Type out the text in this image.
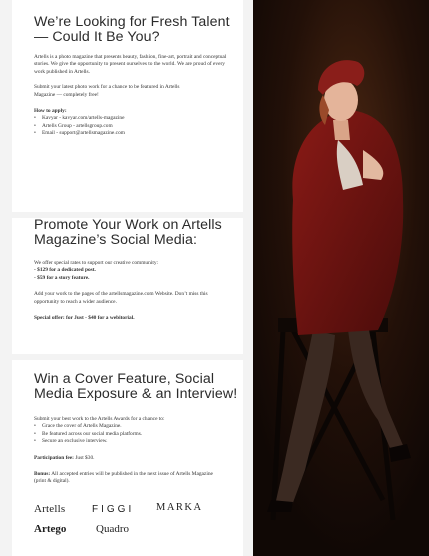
We’re Looking for Fresh Talent — Could It Be You?

Artells is a photo magazine that presents beauty, fashion, fine-art, portrait and conceptual stories. We give the opportunity to present ourselves to the world. We are proud of every work published in Artells.

Submit your latest photo work for a chance to be featured in Artells Magazine — completely free!

How to apply:

• Kavyar - kavyar.com/artells-magazine
• Artells Group - artellsgroup.com
• Email - support@artellsmagazine.com
Promote Your Work on Artells Magazine’s Social Media:

We offer special rates to support our creative community:

- $129 for a dedicated post.

- $59 for a story feature.

Add your work to the pages of the artellsmagazine.com Website. Don’t miss this opportunity to reach a wider audience.

Special offer: for Just - $40 for a webitorial.

Win a Cover Feature, Social Media Exposure & an Interview!

Submit your best work to the Artells Awards for a chance to:

• Grace the cover of Artells Magazine.
• Be featured across our social media platforms.
• Secure an exclusive interview.

Participation fee: Just $30.

Bonus: All accepted entries will be published in the next issue of Artells Magazine (print & digital).

Artells	FIGGI MARKA
Artego	Quadro
